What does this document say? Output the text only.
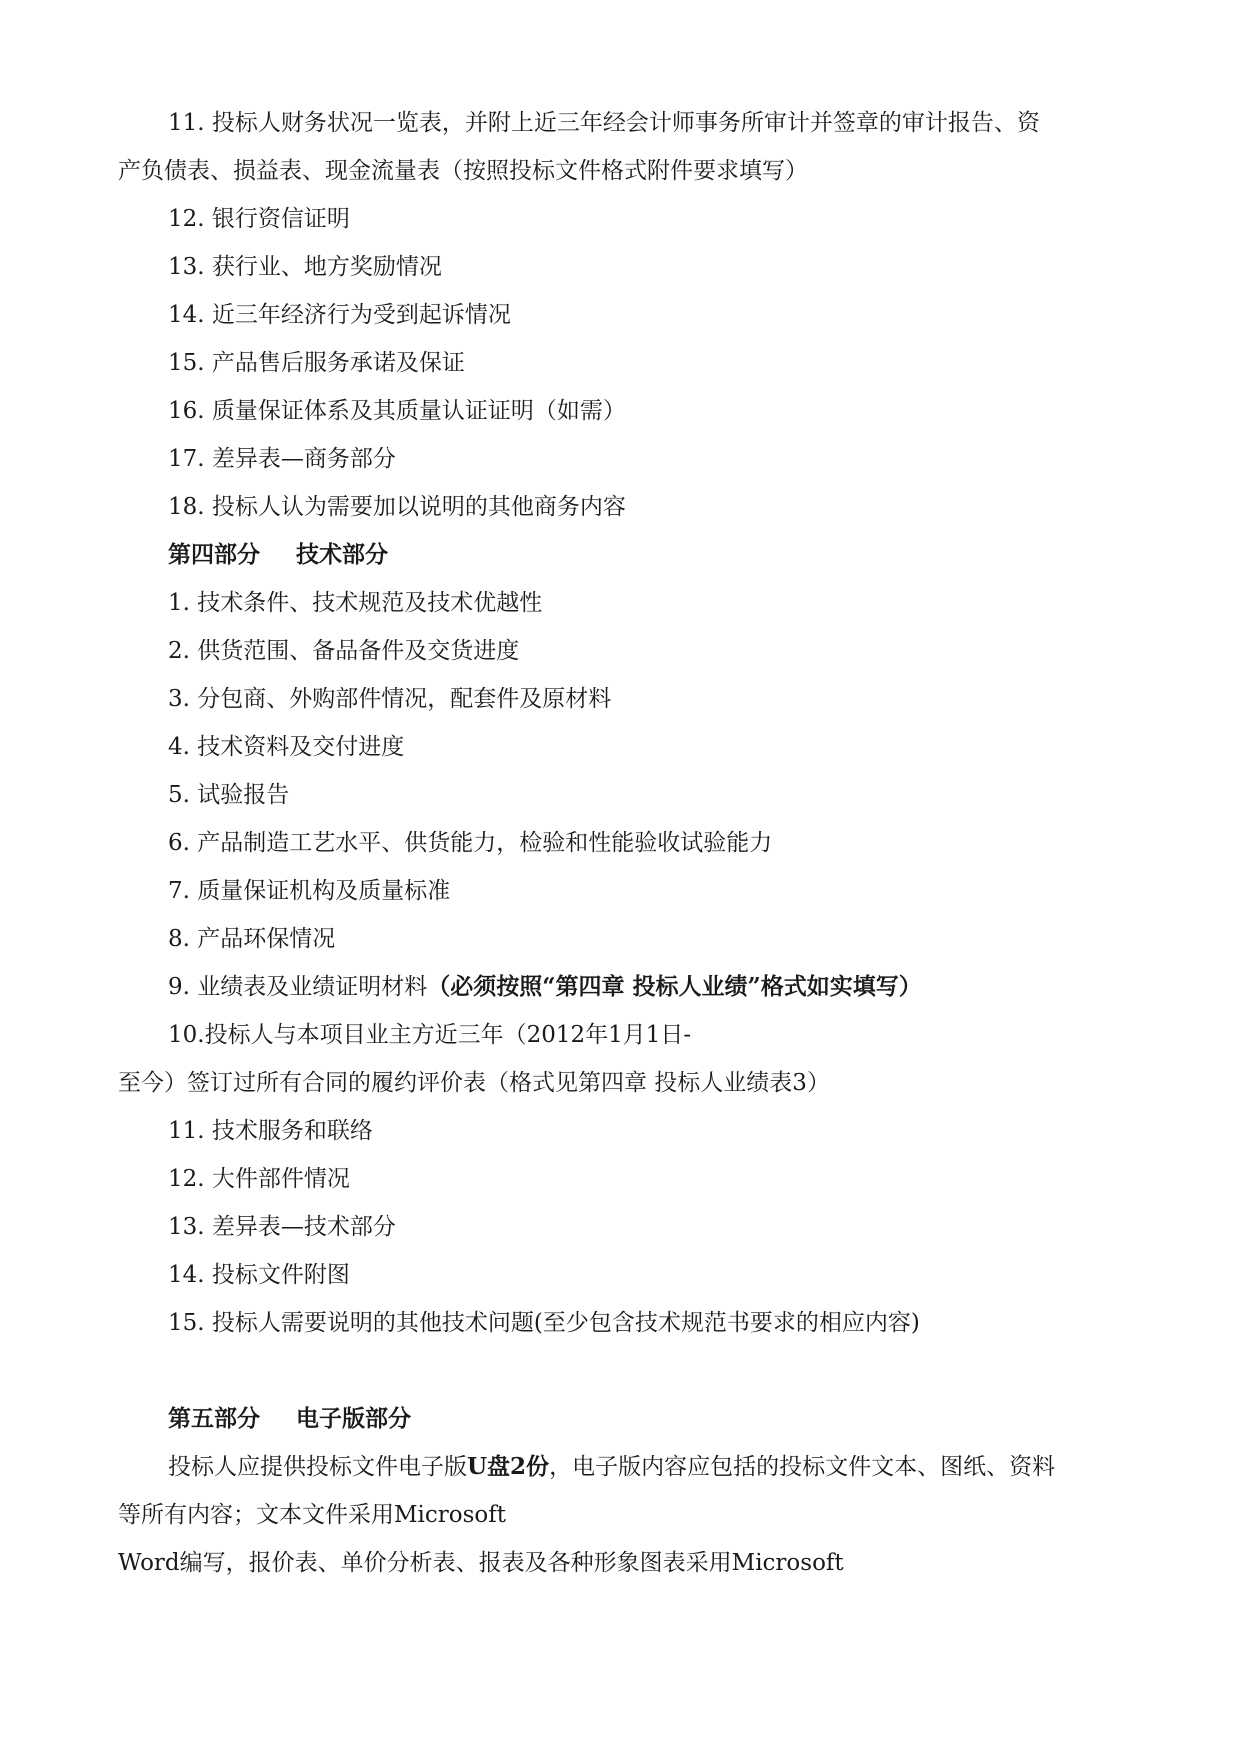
11. 投标人财务状况一览表，并附上近三年经会计师事务所审计并签章的审计报告、资
产负债表、损益表、现金流量表（按照投标文件格式附件要求填写）
12. 银行资信证明
13. 获行业、地方奖励情况
14. 近三年经济行为受到起诉情况
15. 产品售后服务承诺及保证
16. 质量保证体系及其质量认证证明（如需）
17. 差异表—商务部分
18. 投标人认为需要加以说明的其他商务内容
第四部分 技术部分
1. 技术条件、技术规范及技术优越性
2. 供货范围、备品备件及交货进度
3. 分包商、外购部件情况，配套件及原材料
4. 技术资料及交付进度
5. 试验报告
6. 产品制造工艺水平、供货能力，检验和性能验收试验能力
7. 质量保证机构及质量标准
8. 产品环保情况
9. 业绩表及业绩证明材料（必须按照“第四章 投标人业绩”格式如实填写）
10.投标人与本项目业主方近三年（2012年1月1日-
至今）签订过所有合同的履约评价表（格式见第四章 投标人业绩表3）
11. 技术服务和联络
12. 大件部件情况
13. 差异表—技术部分
14. 投标文件附图
15. 投标人需要说明的其他技术问题(至少包含技术规范书要求的相应内容)
第五部分 电子版部分
投标人应提供投标文件电子版U盘2份，电子版内容应包括的投标文件文本、图纸、资料
等所有内容；文本文件采用Microsoft
Word编写，报价表、单价分析表、报表及各种形象图表采用Microsoft
